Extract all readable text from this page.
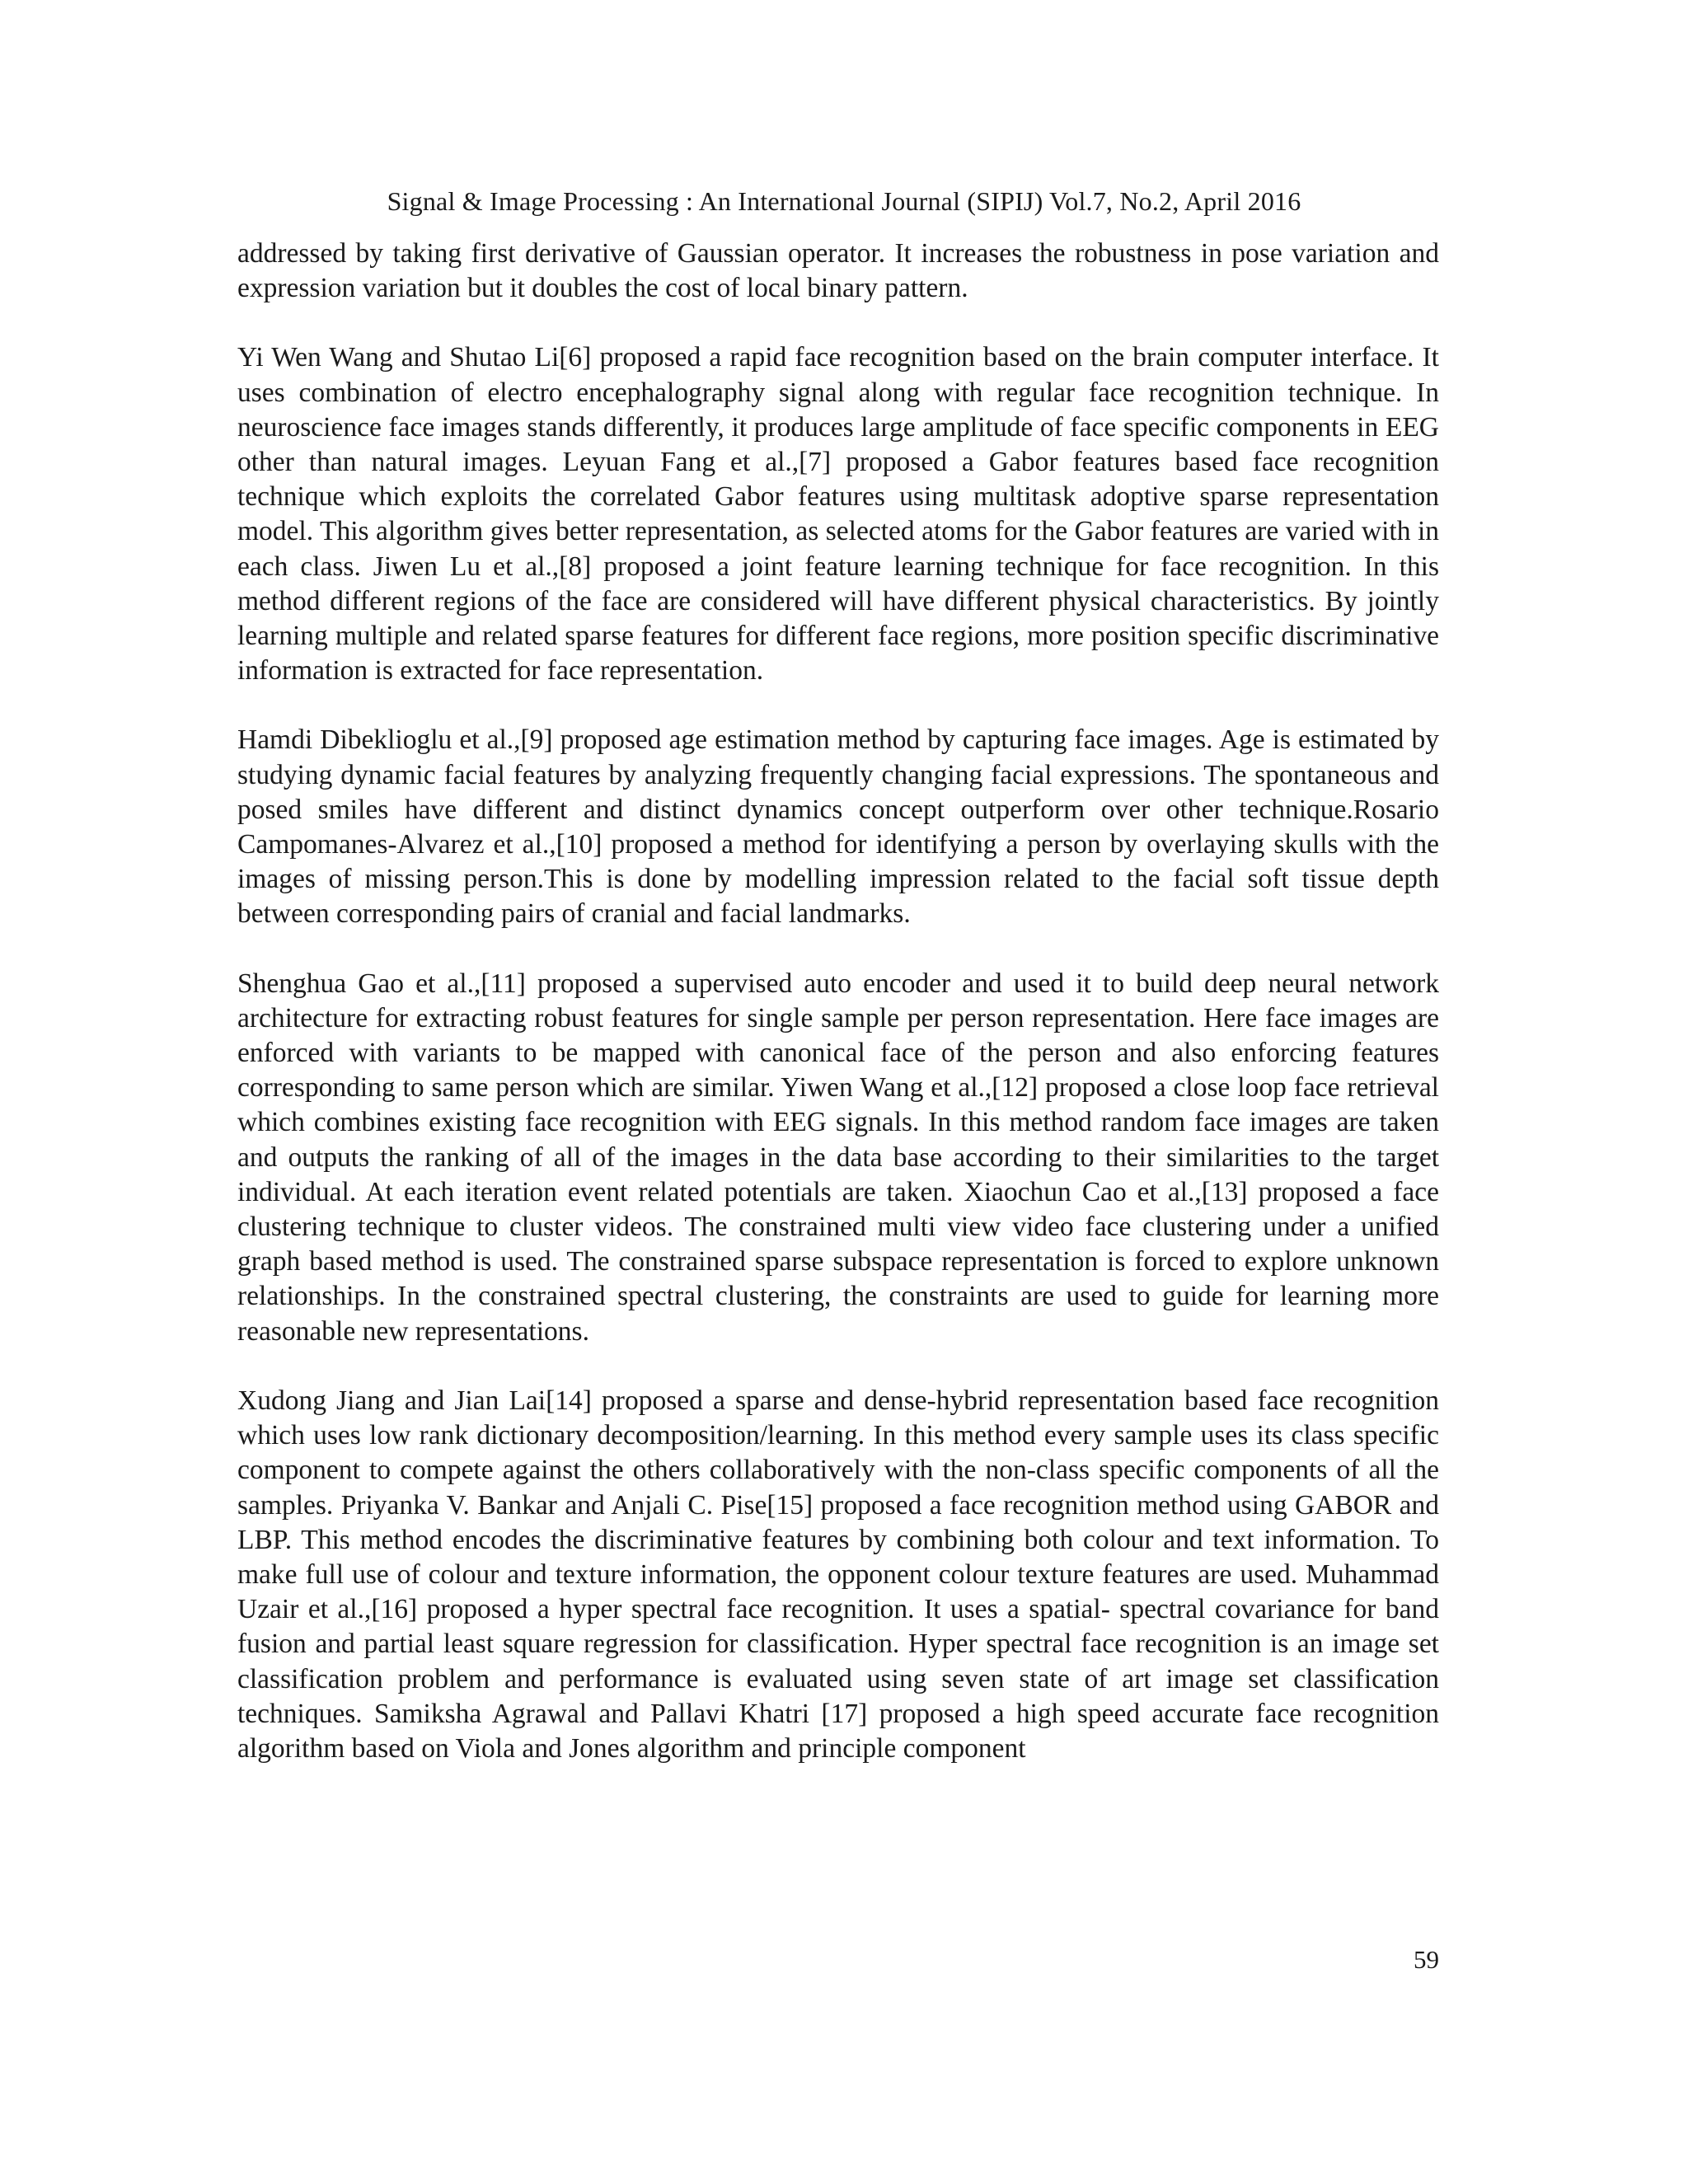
Signal & Image Processing : An International Journal (SIPIJ) Vol.7, No.2, April 2016

addressed by taking first derivative of Gaussian operator. It increases the robustness in pose variation and expression variation but it doubles the cost of local binary pattern.

Yi Wen Wang and Shutao Li[6] proposed a rapid face recognition based on the brain computer interface. It uses combination of electro encephalography signal along with regular face recognition technique. In neuroscience face images stands differently, it produces large amplitude of face specific components in EEG other than natural images. Leyuan Fang et al.,[7] proposed a Gabor features based face recognition technique which exploits the correlated Gabor features using multitask adoptive sparse representation model. This algorithm gives better representation, as selected atoms for the Gabor features are varied with in each class. Jiwen Lu et al.,[8] proposed a joint feature learning technique for face recognition. In this method different regions of the face are considered will have different physical characteristics. By jointly learning multiple and related sparse features for different face regions, more position specific discriminative information is extracted for face representation.

Hamdi Dibeklioglu et al.,[9] proposed age estimation method by capturing face images. Age is estimated by studying dynamic facial features by analyzing frequently changing facial expressions. The spontaneous and posed smiles have different and distinct dynamics concept outperform over other technique.Rosario Campomanes-Alvarez et al.,[10] proposed a method for identifying a person by overlaying skulls with the images of missing person.This is done by modelling impression related to the facial soft tissue depth between corresponding pairs of cranial and facial landmarks.

Shenghua Gao et al.,[11] proposed a supervised auto encoder and used it to build deep neural network architecture for extracting robust features for single sample per person representation. Here face images are enforced with variants to be mapped with canonical face of the person and also enforcing features corresponding to same person which are similar. Yiwen Wang et al.,[12] proposed a close loop face retrieval which combines existing face recognition with EEG signals. In this method random face images are taken and outputs the ranking of all of the images in the data base according to their similarities to the target individual. At each iteration event related potentials are taken. Xiaochun Cao et al.,[13] proposed a face clustering technique to cluster videos. The constrained multi view video face clustering under a unified graph based method is used. The constrained sparse subspace representation is forced to explore unknown relationships. In the constrained spectral clustering, the constraints are used to guide for learning more reasonable new representations.

Xudong Jiang and Jian Lai[14] proposed a sparse and dense-hybrid representation based face recognition which uses low rank dictionary decomposition/learning. In this method every sample uses its class specific component to compete against the others collaboratively with the non-class specific components of all the samples. Priyanka V. Bankar and Anjali C. Pise[15] proposed a face recognition method using GABOR and LBP. This method encodes the discriminative features by combining both colour and text information. To make full use of colour and texture information, the opponent colour texture features are used. Muhammad Uzair et al.,[16] proposed a hyper spectral face recognition. It uses a spatial- spectral covariance for band fusion and partial least square regression for classification. Hyper spectral face recognition is an image set classification problem and performance is evaluated using seven state of art image set classification techniques. Samiksha Agrawal and Pallavi Khatri [17] proposed a high speed accurate face recognition algorithm based on Viola and Jones algorithm and principle component

59
